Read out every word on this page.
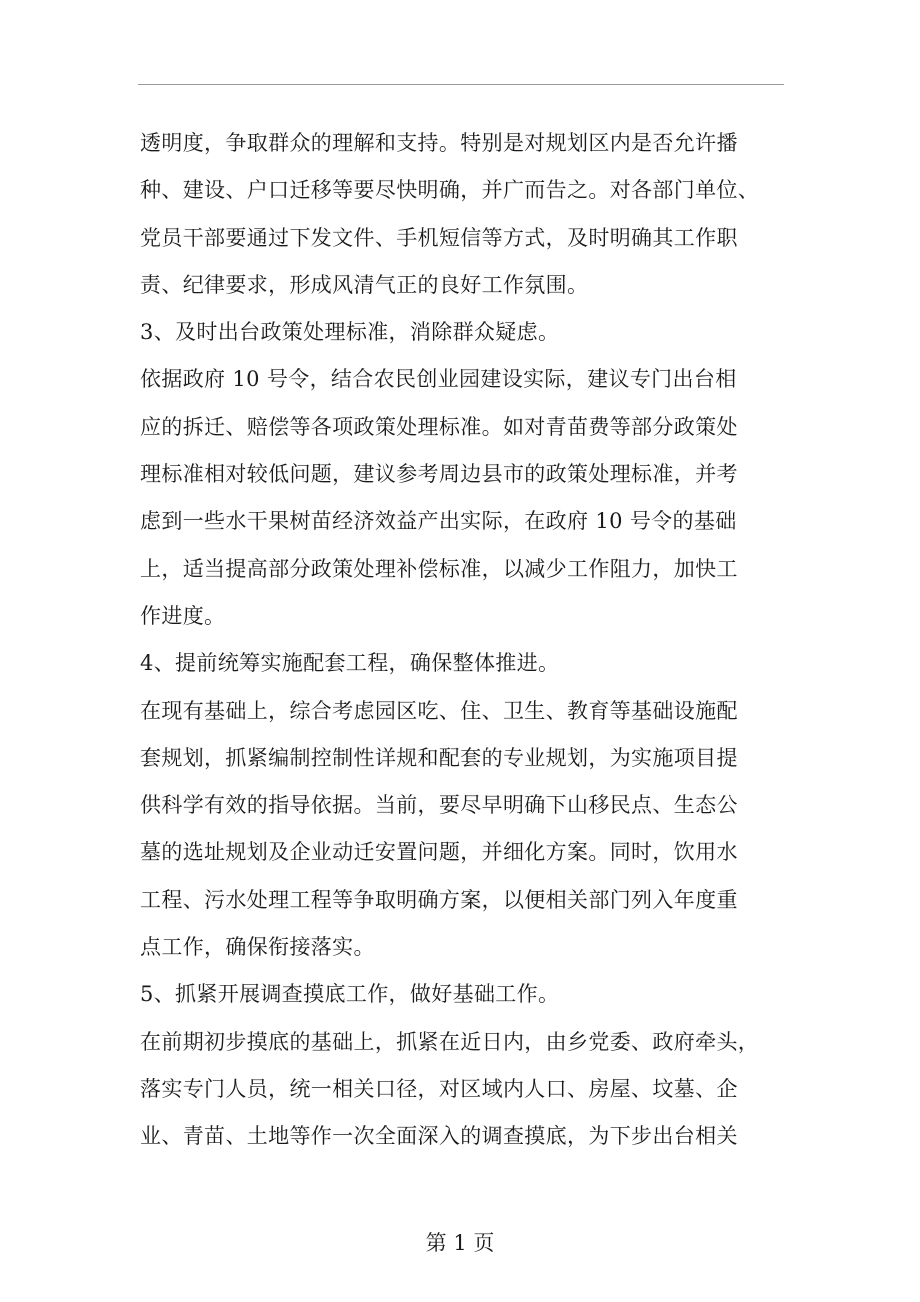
透明度，争取群众的理解和支持。特别是对规划区内是否允许播
种、建设、户口迁移等要尽快明确，并广而告之。对各部门单位、
党员干部要通过下发文件、手机短信等方式，及时明确其工作职
责、纪律要求，形成风清气正的良好工作氛围。
3、及时出台政策处理标准，消除群众疑虑。
依据政府 10 号令，结合农民创业园建设实际，建议专门出台相
应的拆迁、赔偿等各项政策处理标准。如对青苗费等部分政策处
理标准相对较低问题，建议参考周边县市的政策处理标准，并考
虑到一些水干果树苗经济效益产出实际，在政府 10 号令的基础
上，适当提高部分政策处理补偿标准，以减少工作阻力，加快工
作进度。
4、提前统筹实施配套工程，确保整体推进。
在现有基础上，综合考虑园区吃、住、卫生、教育等基础设施配
套规划，抓紧编制控制性详规和配套的专业规划，为实施项目提
供科学有效的指导依据。当前，要尽早明确下山移民点、生态公
墓的选址规划及企业动迁安置问题，并细化方案。同时，饮用水
工程、污水处理工程等争取明确方案，以便相关部门列入年度重
点工作，确保衔接落实。
5、抓紧开展调查摸底工作，做好基础工作。
在前期初步摸底的基础上，抓紧在近日内，由乡党委、政府牵头，
落实专门人员，统一相关口径，对区域内人口、房屋、坟墓、企
业、青苗、土地等作一次全面深入的调查摸底，为下步出台相关
第 1 页
